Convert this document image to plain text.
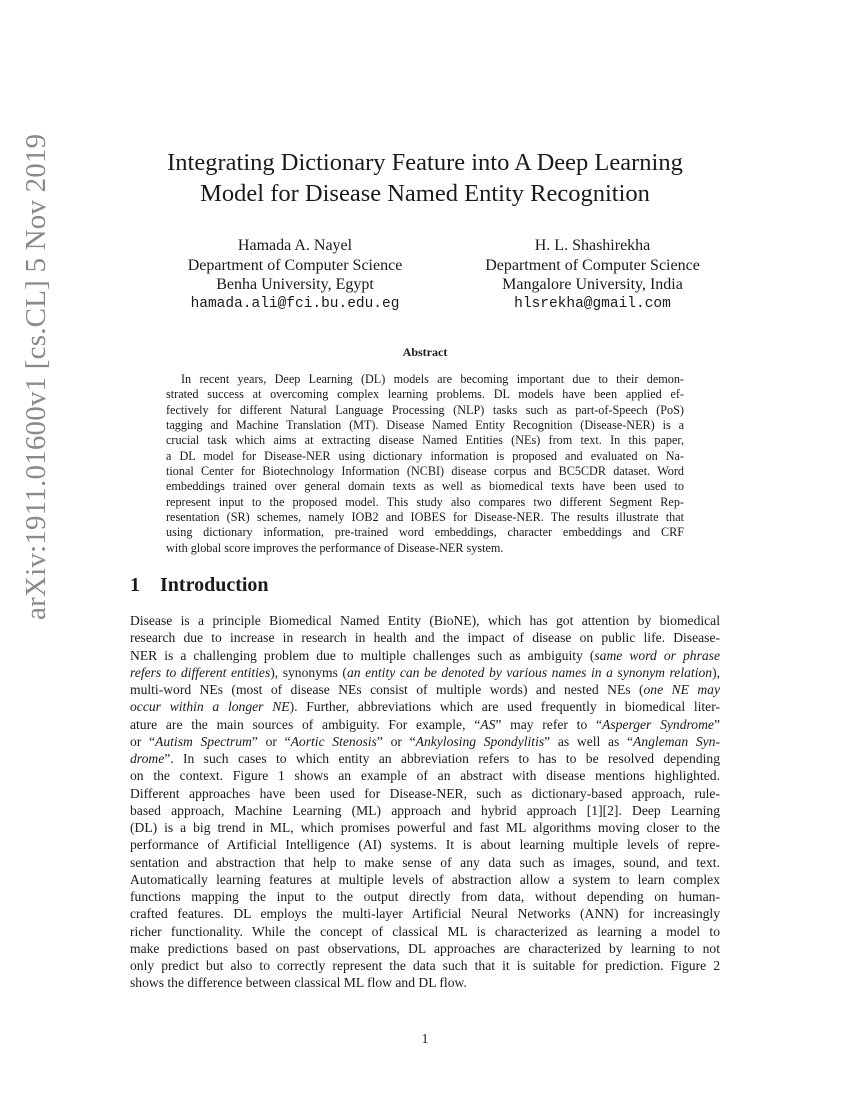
arXiv:1911.01600v1 [cs.CL] 5 Nov 2019	Integrating Dictionary Feature into A Deep Learning
Model for Disease Named Entity Recognition
Hamada A. Nayel
Department of Computer Science
Benha University, Egypt
hamada.ali@fci.bu.edu.eg
H. L. Shashirekha
Department of Computer Science
Mangalore University, India
hlsrekha@gmail.com
Abstract
In recent years, Deep Learning (DL) models are becoming important due to their demon-
strated success at overcoming complex learning problems. DL models have been applied ef-
fectively for different Natural Language Processing (NLP) tasks such as part-of-Speech (PoS)
tagging and Machine Translation (MT). Disease Named Entity Recognition (Disease-NER) is a
crucial task which aims at extracting disease Named Entities (NEs) from text. In this paper,
a DL model for Disease-NER using dictionary information is proposed and evaluated on Na-
tional Center for Biotechnology Information (NCBI) disease corpus and BC5CDR dataset. Word
embeddings trained over general domain texts as well as biomedical texts have been used to
represent input to the proposed model. This study also compares two different Segment Rep-
resentation (SR) schemes, namely IOB2 and IOBES for Disease-NER. The results illustrate that
using dictionary information, pre-trained word embeddings, character embeddings and CRF
with global score improves the performance of Disease-NER system.
1 Introduction
Disease is a principle Biomedical Named Entity (BioNE), which has got attention by biomedical
research due to increase in research in health and the impact of disease on public life. Disease-
NER is a challenging problem due to multiple challenges such as ambiguity (same word or phrase
refers to different entities), synonyms (an entity can be denoted by various names in a synonym relation),
multi-word NEs (most of disease NEs consist of multiple words) and nested NEs (one NE may
occur within a longer NE). Further, abbreviations which are used frequently in biomedical liter-
ature are the main sources of ambiguity. For example, “AS” may refer to “Asperger Syndrome”
or “Autism Spectrum” or “Aortic Stenosis” or “Ankylosing Spondylitis” as well as “Angleman Syn-
drome”. In such cases to which entity an abbreviation refers to has to be resolved depending
on the context. Figure 1 shows an example of an abstract with disease mentions highlighted.
Different approaches have been used for Disease-NER, such as dictionary-based approach, rule-
based approach, Machine Learning (ML) approach and hybrid approach [1][2]. Deep Learning
(DL) is a big trend in ML, which promises powerful and fast ML algorithms moving closer to the
performance of Artificial Intelligence (AI) systems. It is about learning multiple levels of repre-
sentation and abstraction that help to make sense of any data such as images, sound, and text.
Automatically learning features at multiple levels of abstraction allow a system to learn complex
functions mapping the input to the output directly from data, without depending on human-
crafted features. DL employs the multi-layer Artificial Neural Networks (ANN) for increasingly
richer functionality. While the concept of classical ML is characterized as learning a model to
make predictions based on past observations, DL approaches are characterized by learning to not
only predict but also to correctly represent the data such that it is suitable for prediction. Figure 2
shows the difference between classical ML flow and DL flow.
1
